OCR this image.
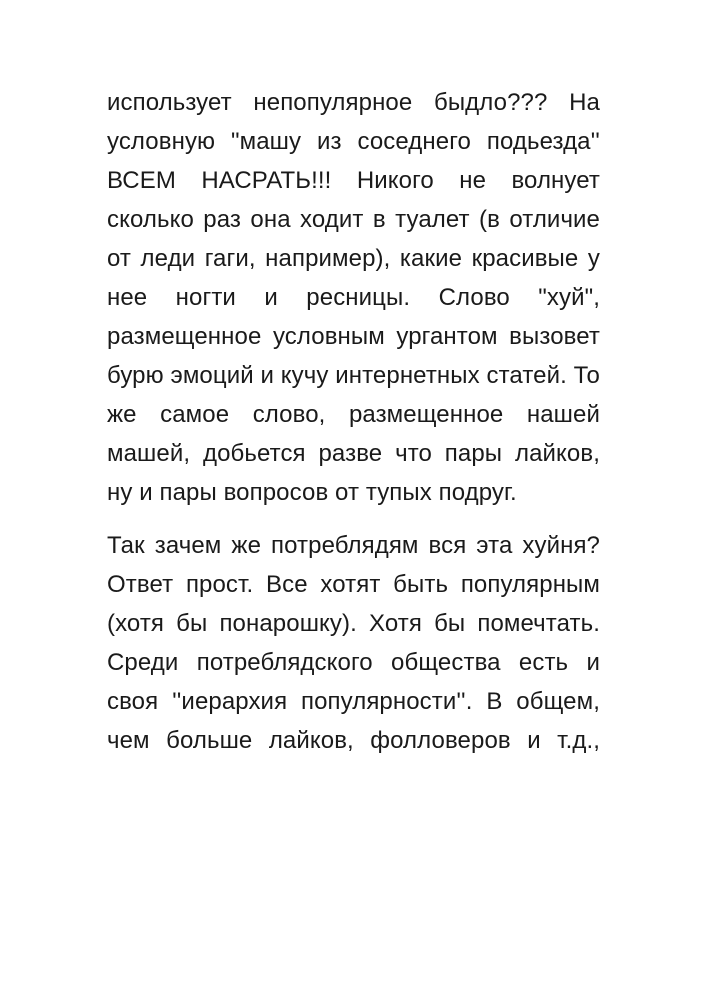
использует непопулярное быдло??? На условную "машу из соседнего подьезда'' ВСЕМ НАСРАТЬ!!! Никого не волнует сколько раз она ходит в туалет (в отличие от леди гаги, например), какие красивые у нее ногти и ресницы. Слово "хуй", размещенное условным ургантом вызовет бурю эмоций и кучу интернетных статей. То же самое слово, размещенное нашей машей, добьется разве что пары лайков, ну и пары вопросов от тупых подруг.

Так зачем же потреблядям вся эта хуйня? Ответ прост. Все хотят быть популярным (хотя бы понарошку). Хотя бы помечтать. Среди потреблядского общества есть и своя ''иерархия популярности''. В общем, чем больше лайков, фолловеров и т.д.,
